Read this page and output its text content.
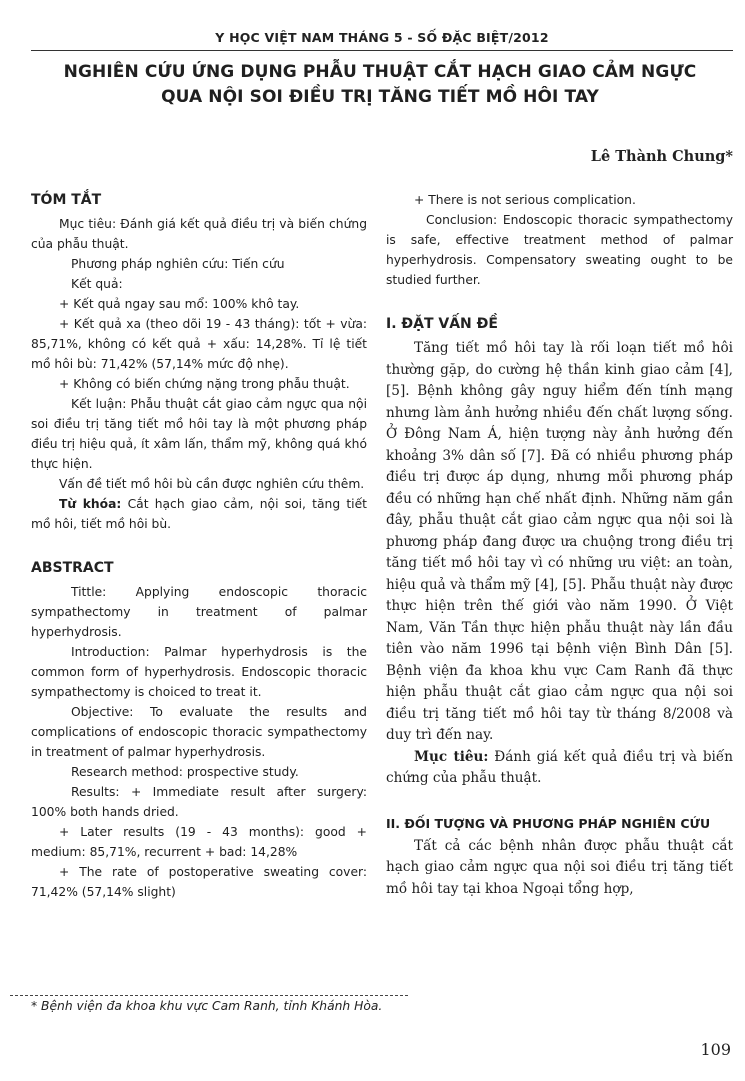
Y HỌC VIỆT NAM THÁNG 5 - SỐ ĐẶC BIỆT/2012
NGHIÊN CỨU ỨNG DỤNG PHẪU THUẬT CẮT HẠCH GIAO CẢM NGỰC
QUA NỘI SOI ĐIỀU TRỊ TĂNG TIẾT MỒ HÔI TAY
Lê Thành Chung*
TÓM TẮT

Mục tiêu: Đánh giá kết quả điều trị và biến chứng của phẫu thuật.

Phương pháp nghiên cứu: Tiến cứu

Kết quả:

+ Kết quả ngay sau mổ: 100% khô tay.

+ Kết quả xa (theo dõi 19 - 43 tháng): tốt + vừa: 85,71%, không có kết quả + xấu: 14,28%. Tỉ lệ tiết mồ hôi bù: 71,42% (57,14% mức độ nhẹ).

+ Không có biến chứng nặng trong phẫu thuật.

Kết luận: Phẫu thuật cắt giao cảm ngực qua nội soi điều trị tăng tiết mồ hôi tay là một phương pháp điều trị hiệu quả, ít xâm lấn, thẩm mỹ, không quá khó thực hiện.

Vấn đề tiết mồ hôi bù cần được nghiên cứu thêm.

Từ khóa: Cắt hạch giao cảm, nội soi, tăng tiết mồ hôi, tiết mồ hôi bù.

ABSTRACT

Tittle: Applying endoscopic thoracic sympathectomy in treatment of palmar hyperhydrosis.

Introduction: Palmar hyperhydrosis is the common form of hyperhydrosis. Endoscopic thoracic sympathectomy is choiced to treat it.

Objective: To evaluate the results and complications of endoscopic thoracic sympathectomy in treatment of palmar hyperhydrosis.

Research method: prospective study.

Results: + Immediate result after surgery: 100% both hands dried.

+ Later results (19 - 43 months): good + medium: 85,71%, recurrent + bad: 14,28%

+ The rate of postoperative sweating cover: 71,42% (57,14% slight)

+ There is not serious complication.

Conclusion: Endoscopic thoracic sympathectomy is safe, effective treatment method of palmar hyperhydrosis. Compensatory sweating ought to be studied further.

I. ĐẶT VẤN ĐỀ

Tăng tiết mồ hôi tay là rối loạn tiết mồ hôi thường gặp, do cường hệ thần kinh giao cảm [4], [5]. Bệnh không gây nguy hiểm đến tính mạng nhưng làm ảnh hưởng nhiều đến chất lượng sống. Ở Đông Nam Á, hiện tượng này ảnh hưởng đến khoảng 3% dân số [7]. Đã có nhiều phương pháp điều trị được áp dụng, nhưng mỗi phương pháp đều có những hạn chế nhất định. Những năm gần đây, phẫu thuật cắt giao cảm ngực qua nội soi là phương pháp đang được ưa chuộng trong điều trị tăng tiết mồ hôi tay vì có những ưu việt: an toàn, hiệu quả và thẩm mỹ [4], [5]. Phẫu thuật này được thực hiện trên thế giới vào năm 1990. Ở Việt Nam, Văn Tần thực hiện phẫu thuật này lần đầu tiên vào năm 1996 tại bệnh viện Bình Dân [5]. Bệnh viện đa khoa khu vực Cam Ranh đã thực hiện phẫu thuật cắt giao cảm ngực qua nội soi điều trị tăng tiết mồ hôi tay từ tháng 8/2008 và duy trì đến nay.

Mục tiêu: Đánh giá kết quả điều trị và biến chứng của phẫu thuật.

II. ĐỐI TƯỢNG VÀ PHƯƠNG PHÁP NGHIÊN CỨU

Tất cả các bệnh nhân được phẫu thuật cắt hạch giao cảm ngực qua nội soi điều trị tăng tiết mồ hôi tay tại khoa Ngoại tổng hợp,

* Bệnh viện đa khoa khu vực Cam Ranh, tỉnh Khánh Hòa.
109
